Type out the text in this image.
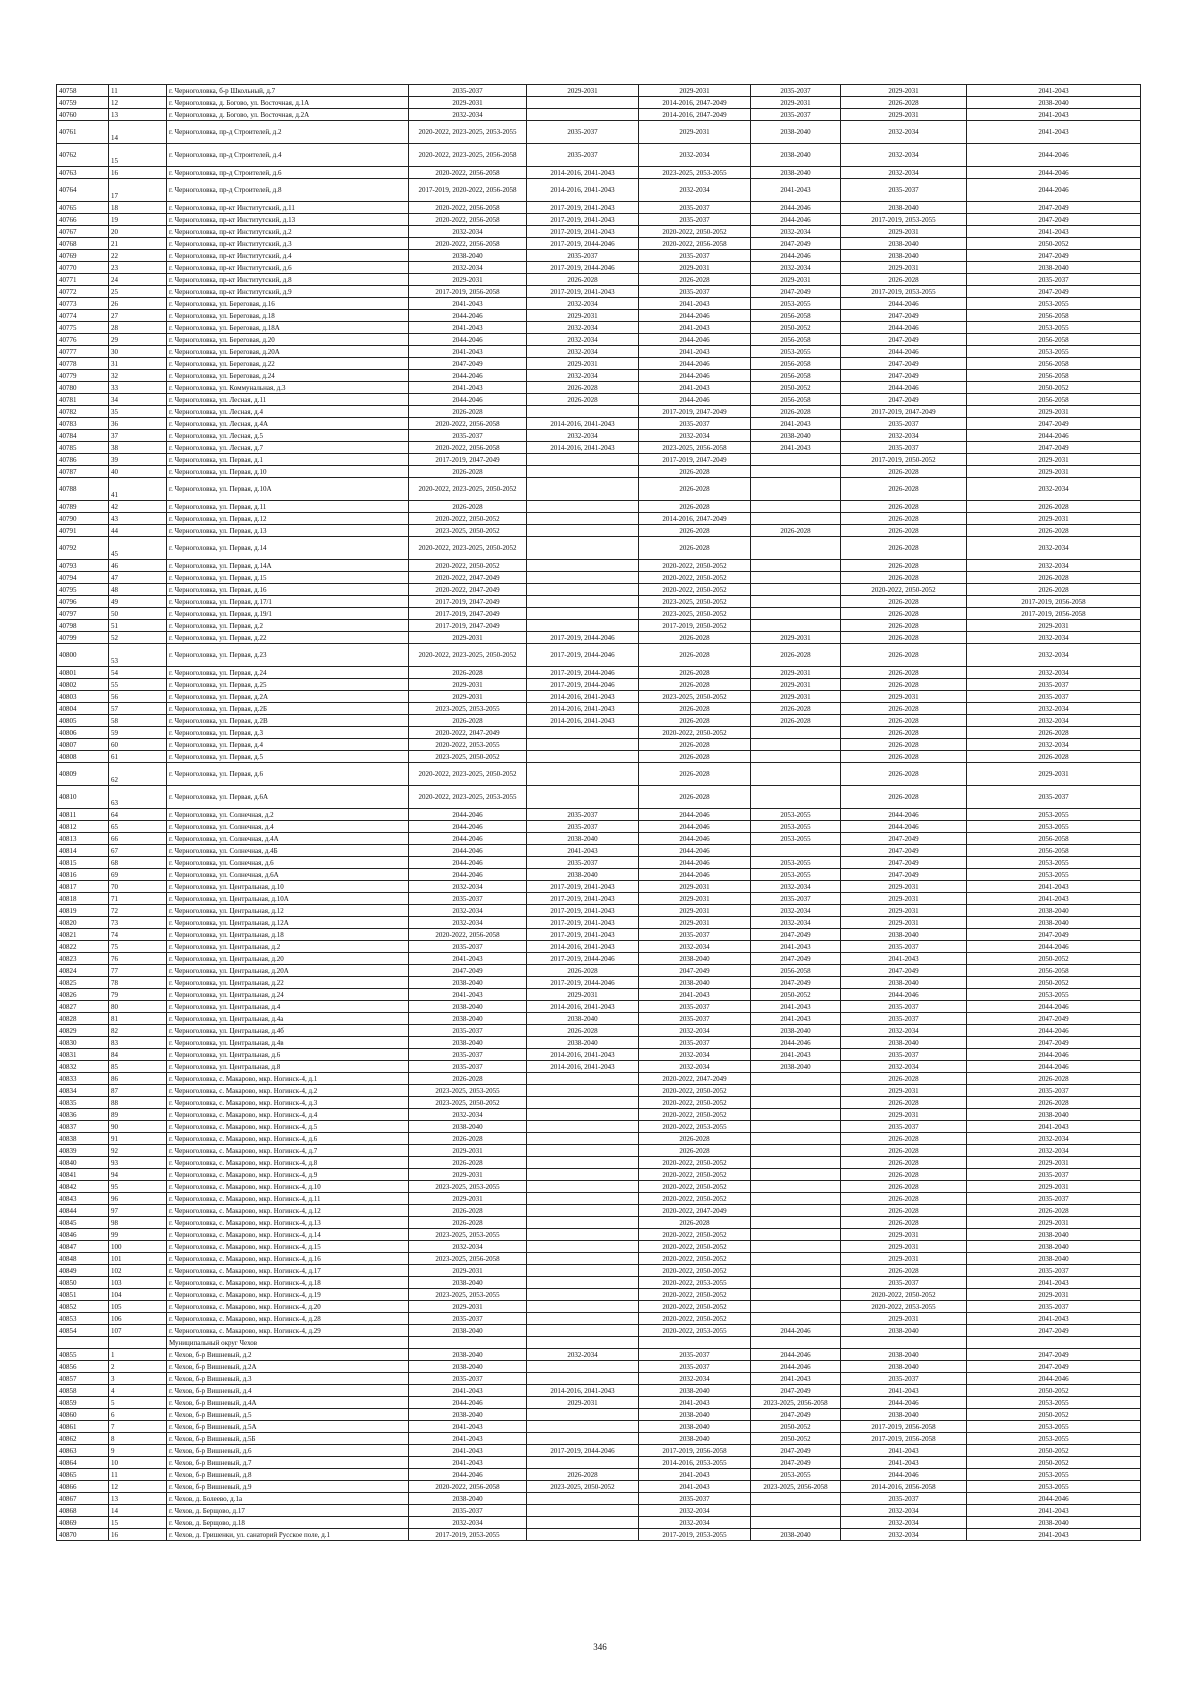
40758	11	г. Черноголовка, б-р Школьный, д.7	2035-2037	2029-2031	2029-2031	2035-2037	2029-2031	2041-2043
40759	12	г. Черноголовка, д. Богово, ул. Восточная, д.1А	2029-2031		2014-2016, 2047-2049	2029-2031	2026-2028	2038-2040
40760	13	г. Черноголовка, д. Богово, ул. Восточная, д.2А	2032-2034		2014-2016, 2047-2049	2035-2037	2029-2031	2041-2043
40761	14	г. Черноголовка, пр-д Строителей, д.2	2020-2022, 2023-2025, 2053-2055	2035-2037	2029-2031	2038-2040	2032-2034	2041-2043
40762	15	г. Черноголовка, пр-д Строителей, д.4	2020-2022, 2023-2025, 2056-2058	2035-2037	2032-2034	2038-2040	2032-2034	2044-2046
40763	16	г. Черноголовка, пр-д Строителей, д.6	2020-2022, 2056-2058	2014-2016, 2041-2043	2023-2025, 2053-2055	2038-2040	2032-2034	2044-2046
40764	17	г. Черноголовка, пр-д Строителей, д.8	2017-2019, 2020-2022, 2056-2058	2014-2016, 2041-2043	2032-2034	2041-2043	2035-2037	2044-2046
40765	18	г. Черноголовка, пр-кт Институтский, д.11	2020-2022, 2056-2058	2017-2019, 2041-2043	2035-2037	2044-2046	2038-2040	2047-2049
40766	19	г. Черноголовка, пр-кт Институтский, д.13	2020-2022, 2056-2058	2017-2019, 2041-2043	2035-2037	2044-2046	2017-2019, 2053-2055	2047-2049
40767	20	г. Черноголовка, пр-кт Институтский, д.2	2032-2034	2017-2019, 2041-2043	2020-2022, 2050-2052	2032-2034	2029-2031	2041-2043
40768	21	г. Черноголовка, пр-кт Институтский, д.3	2020-2022, 2056-2058	2017-2019, 2044-2046	2020-2022, 2056-2058	2047-2049	2038-2040	2050-2052
40769	22	г. Черноголовка, пр-кт Институтский, д.4	2038-2040	2035-2037	2035-2037	2044-2046	2038-2040	2047-2049
40770	23	г. Черноголовка, пр-кт Институтский, д.6	2032-2034	2017-2019, 2044-2046	2029-2031	2032-2034	2029-2031	2038-2040
40771	24	г. Черноголовка, пр-кт Институтский, д.8	2029-2031	2026-2028	2026-2028	2029-2031	2026-2028	2035-2037
40772	25	г. Черноголовка, пр-кт Институтский, д.9	2017-2019, 2056-2058	2017-2019, 2041-2043	2035-2037	2047-2049	2017-2019, 2053-2055	2047-2049
40773	26	г. Черноголовка, ул. Береговая, д.16	2041-2043	2032-2034	2041-2043	2053-2055	2044-2046	2053-2055
40774	27	г. Черноголовка, ул. Береговая, д.18	2044-2046	2029-2031	2044-2046	2056-2058	2047-2049	2056-2058
40775	28	г. Черноголовка, ул. Береговая, д.18А	2041-2043	2032-2034	2041-2043	2050-2052	2044-2046	2053-2055
40776	29	г. Черноголовка, ул. Береговая, д.20	2044-2046	2032-2034	2044-2046	2056-2058	2047-2049	2056-2058
40777	30	г. Черноголовка, ул. Береговая, д.20А	2041-2043	2032-2034	2041-2043	2053-2055	2044-2046	2053-2055
40778	31	г. Черноголовка, ул. Береговая, д.22	2047-2049	2029-2031	2044-2046	2056-2058	2047-2049	2056-2058
40779	32	г. Черноголовка, ул. Береговая, д.24	2044-2046	2032-2034	2044-2046	2056-2058	2047-2049	2056-2058
40780	33	г. Черноголовка, ул. Коммунальная, д.3	2041-2043	2026-2028	2041-2043	2050-2052	2044-2046	2050-2052
40781	34	г. Черноголовка, ул. Лесная, д.11	2044-2046	2026-2028	2044-2046	2056-2058	2047-2049	2056-2058
40782	35	г. Черноголовка, ул. Лесная, д.4	2026-2028		2017-2019, 2047-2049	2026-2028	2017-2019, 2047-2049	2029-2031
40783	36	г. Черноголовка, ул. Лесная, д.4А	2020-2022, 2056-2058	2014-2016, 2041-2043	2035-2037	2041-2043	2035-2037	2047-2049
40784	37	г. Черноголовка, ул. Лесная, д.5	2035-2037	2032-2034	2032-2034	2038-2040	2032-2034	2044-2046
40785	38	г. Черноголовка, ул. Лесная, д.7	2020-2022, 2056-2058	2014-2016, 2041-2043	2023-2025, 2056-2058	2041-2043	2035-2037	2047-2049
40786	39	г. Черноголовка, ул. Первая, д.1	2017-2019, 2047-2049		2017-2019, 2047-2049		2017-2019, 2050-2052	2029-2031
40787	40	г. Черноголовка, ул. Первая, д.10	2026-2028		2026-2028		2026-2028	2029-2031
40788	41	г. Черноголовка, ул. Первая, д.10А	2020-2022, 2023-2025, 2050-2052		2026-2028		2026-2028	2032-2034
40789	42	г. Черноголовка, ул. Первая, д.11	2026-2028		2026-2028		2026-2028	2026-2028
40790	43	г. Черноголовка, ул. Первая, д.12	2020-2022, 2050-2052		2014-2016, 2047-2049		2026-2028	2029-2031
40791	44	г. Черноголовка, ул. Первая, д.13	2023-2025, 2050-2052		2026-2028	2026-2028	2026-2028	2026-2028
40792	45	г. Черноголовка, ул. Первая, д.14	2020-2022, 2023-2025, 2050-2052		2026-2028		2026-2028	2032-2034
40793	46	г. Черноголовка, ул. Первая, д.14А	2020-2022, 2050-2052		2020-2022, 2050-2052		2026-2028	2032-2034
40794	47	г. Черноголовка, ул. Первая, д.15	2020-2022, 2047-2049		2020-2022, 2050-2052		2026-2028	2026-2028
40795	48	г. Черноголовка, ул. Первая, д.16	2020-2022, 2047-2049		2020-2022, 2050-2052		2020-2022, 2050-2052	2026-2028
40796	49	г. Черноголовка, ул. Первая, д.17/1	2017-2019, 2047-2049		2023-2025, 2050-2052		2026-2028	2017-2019, 2056-2058
40797	50	г. Черноголовка, ул. Первая, д.19/1	2017-2019, 2047-2049		2023-2025, 2050-2052		2026-2028	2017-2019, 2056-2058
40798	51	г. Черноголовка, ул. Первая, д.2	2017-2019, 2047-2049		2017-2019, 2050-2052		2026-2028	2029-2031
40799	52	г. Черноголовка, ул. Первая, д.22	2029-2031	2017-2019, 2044-2046	2026-2028	2029-2031	2026-2028	2032-2034
40800	53	г. Черноголовка, ул. Первая, д.23	2020-2022, 2023-2025, 2050-2052	2017-2019, 2044-2046	2026-2028	2026-2028	2026-2028	2032-2034
40801	54	г. Черноголовка, ул. Первая, д.24	2026-2028	2017-2019, 2044-2046	2026-2028	2029-2031	2026-2028	2032-2034
40802	55	г. Черноголовка, ул. Первая, д.25	2029-2031	2017-2019, 2044-2046	2026-2028	2029-2031	2026-2028	2035-2037
40803	56	г. Черноголовка, ул. Первая, д.2А	2029-2031	2014-2016, 2041-2043	2023-2025, 2050-2052	2029-2031	2029-2031	2035-2037
40804	57	г. Черноголовка, ул. Первая, д.2Б	2023-2025, 2053-2055	2014-2016, 2041-2043	2026-2028	2026-2028	2026-2028	2032-2034
40805	58	г. Черноголовка, ул. Первая, д.2В	2026-2028	2014-2016, 2041-2043	2026-2028	2026-2028	2026-2028	2032-2034
40806	59	г. Черноголовка, ул. Первая, д.3	2020-2022, 2047-2049		2020-2022, 2050-2052		2026-2028	2026-2028
40807	60	г. Черноголовка, ул. Первая, д.4	2020-2022, 2053-2055		2026-2028		2026-2028	2032-2034
40808	61	г. Черноголовка, ул. Первая, д.5	2023-2025, 2050-2052		2026-2028		2026-2028	2026-2028
40809	62	г. Черноголовка, ул. Первая, д.6	2020-2022, 2023-2025, 2050-2052		2026-2028		2026-2028	2029-2031
40810	63	г. Черноголовка, ул. Первая, д.6А	2020-2022, 2023-2025, 2053-2055		2026-2028		2026-2028	2035-2037
40811	64	г. Черноголовка, ул. Солнечная, д.2	2044-2046	2035-2037	2044-2046	2053-2055	2044-2046	2053-2055
40812	65	г. Черноголовка, ул. Солнечная, д.4	2044-2046	2035-2037	2044-2046	2053-2055	2044-2046	2053-2055
40813	66	г. Черноголовка, ул. Солнечная, д.4А	2044-2046	2038-2040	2044-2046	2053-2055	2047-2049	2056-2058
40814	67	г. Черноголовка, ул. Солнечная, д.4Б	2044-2046	2041-2043	2044-2046		2047-2049	2056-2058
40815	68	г. Черноголовка, ул. Солнечная, д.6	2044-2046	2035-2037	2044-2046	2053-2055	2047-2049	2053-2055
40816	69	г. Черноголовка, ул. Солнечная, д.6А	2044-2046	2038-2040	2044-2046	2053-2055	2047-2049	2053-2055
40817	70	г. Черноголовка, ул. Центральная, д.10	2032-2034	2017-2019, 2041-2043	2029-2031	2032-2034	2029-2031	2041-2043
40818	71	г. Черноголовка, ул. Центральная, д.10А	2035-2037	2017-2019, 2041-2043	2029-2031	2035-2037	2029-2031	2041-2043
40819	72	г. Черноголовка, ул. Центральная, д.12	2032-2034	2017-2019, 2041-2043	2029-2031	2032-2034	2029-2031	2038-2040
40820	73	г. Черноголовка, ул. Центральная, д.12А	2032-2034	2017-2019, 2041-2043	2029-2031	2032-2034	2029-2031	2038-2040
40821	74	г. Черноголовка, ул. Центральная, д.18	2020-2022, 2056-2058	2017-2019, 2041-2043	2035-2037	2047-2049	2038-2040	2047-2049
40822	75	г. Черноголовка, ул. Центральная, д.2	2035-2037	2014-2016, 2041-2043	2032-2034	2041-2043	2035-2037	2044-2046
40823	76	г. Черноголовка, ул. Центральная, д.20	2041-2043	2017-2019, 2044-2046	2038-2040	2047-2049	2041-2043	2050-2052
40824	77	г. Черноголовка, ул. Центральная, д.20А	2047-2049	2026-2028	2047-2049	2056-2058	2047-2049	2056-2058
40825	78	г. Черноголовка, ул. Центральная, д.22	2038-2040	2017-2019, 2044-2046	2038-2040	2047-2049	2038-2040	2050-2052
40826	79	г. Черноголовка, ул. Центральная, д.24	2041-2043	2029-2031	2041-2043	2050-2052	2044-2046	2053-2055
40827	80	г. Черноголовка, ул. Центральная, д.4	2038-2040	2014-2016, 2041-2043	2035-2037	2041-2043	2035-2037	2044-2046
40828	81	г. Черноголовка, ул. Центральная, д.4а	2038-2040	2038-2040	2035-2037	2041-2043	2035-2037	2047-2049
40829	82	г. Черноголовка, ул. Центральная, д.4б	2035-2037	2026-2028	2032-2034	2038-2040	2032-2034	2044-2046
40830	83	г. Черноголовка, ул. Центральная, д.4в	2038-2040	2038-2040	2035-2037	2044-2046	2038-2040	2047-2049
40831	84	г. Черноголовка, ул. Центральная, д.6	2035-2037	2014-2016, 2041-2043	2032-2034	2041-2043	2035-2037	2044-2046
40832	85	г. Черноголовка, ул. Центральная, д.8	2035-2037	2014-2016, 2041-2043	2032-2034	2038-2040	2032-2034	2044-2046
40833	86	г. Черноголовка, с. Макарово, мкр. Ногинск-4, д.1	2026-2028		2020-2022, 2047-2049		2026-2028	2026-2028
40834	87	г. Черноголовка, с. Макарово, мкр. Ногинск-4, д.2	2023-2025, 2053-2055		2020-2022, 2050-2052		2029-2031	2035-2037
40835	88	г. Черноголовка, с. Макарово, мкр. Ногинск-4, д.3	2023-2025, 2050-2052		2020-2022, 2050-2052		2026-2028	2026-2028
40836	89	г. Черноголовка, с. Макарово, мкр. Ногинск-4, д.4	2032-2034		2020-2022, 2050-2052		2029-2031	2038-2040
40837	90	г. Черноголовка, с. Макарово, мкр. Ногинск-4, д.5	2038-2040		2020-2022, 2053-2055		2035-2037	2041-2043
40838	91	г. Черноголовка, с. Макарово, мкр. Ногинск-4, д.6	2026-2028		2026-2028		2026-2028	2032-2034
40839	92	г. Черноголовка, с. Макарово, мкр. Ногинск-4, д.7	2029-2031		2026-2028		2026-2028	2032-2034
40840	93	г. Черноголовка, с. Макарово, мкр. Ногинск-4, д.8	2026-2028		2020-2022, 2050-2052		2026-2028	2029-2031
40841	94	г. Черноголовка, с. Макарово, мкр. Ногинск-4, д.9	2029-2031		2020-2022, 2050-2052		2026-2028	2035-2037
40842	95	г. Черноголовка, с. Макарово, мкр. Ногинск-4, д.10	2023-2025, 2053-2055		2020-2022, 2050-2052		2026-2028	2029-2031
40843	96	г. Черноголовка, с. Макарово, мкр. Ногинск-4, д.11	2029-2031		2020-2022, 2050-2052		2026-2028	2035-2037
40844	97	г. Черноголовка, с. Макарово, мкр. Ногинск-4, д.12	2026-2028		2020-2022, 2047-2049		2026-2028	2026-2028
40845	98	г. Черноголовка, с. Макарово, мкр. Ногинск-4, д.13	2026-2028		2026-2028		2026-2028	2029-2031
40846	99	г. Черноголовка, с. Макарово, мкр. Ногинск-4, д.14	2023-2025, 2053-2055		2020-2022, 2050-2052		2029-2031	2038-2040
40847	100	г. Черноголовка, с. Макарово, мкр. Ногинск-4, д.15	2032-2034		2020-2022, 2050-2052		2029-2031	2038-2040
40848	101	г. Черноголовка, с. Макарово, мкр. Ногинск-4, д.16	2023-2025, 2056-2058		2020-2022, 2050-2052		2029-2031	2038-2040
40849	102	г. Черноголовка, с. Макарово, мкр. Ногинск-4, д.17	2029-2031		2020-2022, 2050-2052		2026-2028	2035-2037
40850	103	г. Черноголовка, с. Макарово, мкр. Ногинск-4, д.18	2038-2040		2020-2022, 2053-2055		2035-2037	2041-2043
40851	104	г. Черноголовка, с. Макарово, мкр. Ногинск-4, д.19	2023-2025, 2053-2055		2020-2022, 2050-2052		2020-2022, 2050-2052	2029-2031
40852	105	г. Черноголовка, с. Макарово, мкр. Ногинск-4, д.20	2029-2031		2020-2022, 2050-2052		2020-2022, 2053-2055	2035-2037
40853	106	г. Черноголовка, с. Макарово, мкр. Ногинск-4, д.28	2035-2037		2020-2022, 2050-2052		2029-2031	2041-2043
40854	107	г. Черноголовка, с. Макарово, мкр. Ногинск-4, д.29	2038-2040		2020-2022, 2053-2055	2044-2046	2038-2040	2047-2049
		Муниципальный округ Чехов						
40855	1	г. Чехов, б-р Вишневый, д.2	2038-2040	2032-2034	2035-2037	2044-2046	2038-2040	2047-2049
40856	2	г. Чехов, б-р Вишневый, д.2А	2038-2040		2035-2037	2044-2046	2038-2040	2047-2049
40857	3	г. Чехов, б-р Вишневый, д.3	2035-2037		2032-2034	2041-2043	2035-2037	2044-2046
40858	4	г. Чехов, б-р Вишневый, д.4	2041-2043	2014-2016, 2041-2043	2038-2040	2047-2049	2041-2043	2050-2052
40859	5	г. Чехов, б-р Вишневый, д.4А	2044-2046	2029-2031	2041-2043	2023-2025, 2056-2058	2044-2046	2053-2055
40860	6	г. Чехов, б-р Вишневый, д.5	2038-2040		2038-2040	2047-2049	2038-2040	2050-2052
40861	7	г. Чехов, б-р Вишневый, д.5А	2041-2043		2038-2040	2050-2052	2017-2019, 2056-2058	2053-2055
40862	8	г. Чехов, б-р Вишневый, д.5Б	2041-2043		2038-2040	2050-2052	2017-2019, 2056-2058	2053-2055
40863	9	г. Чехов, б-р Вишневый, д.6	2041-2043	2017-2019, 2044-2046	2017-2019, 2056-2058	2047-2049	2041-2043	2050-2052
40864	10	г. Чехов, б-р Вишневый, д.7	2041-2043		2014-2016, 2053-2055	2047-2049	2041-2043	2050-2052
40865	11	г. Чехов, б-р Вишневый, д.8	2044-2046	2026-2028	2041-2043	2053-2055	2044-2046	2053-2055
40866	12	г. Чехов, б-р Вишневый, д.9	2020-2022, 2056-2058	2023-2025, 2050-2052	2041-2043	2023-2025, 2056-2058	2014-2016, 2056-2058	2053-2055
40867	13	г. Чехов, д. Болеево, д.1а	2038-2040		2035-2037		2035-2037	2044-2046
40868	14	г. Чехов, д. Берщово, д.17	2035-2037		2032-2034		2032-2034	2041-2043
40869	15	г. Чехов, д. Берщово, д.18	2032-2034		2032-2034		2032-2034	2038-2040
40870	16	г. Чехов, д. Гришенки, ул. санаторий Русское поле, д.1	2017-2019, 2053-2055		2017-2019, 2053-2055	2038-2040	2032-2034	2041-2043
346
